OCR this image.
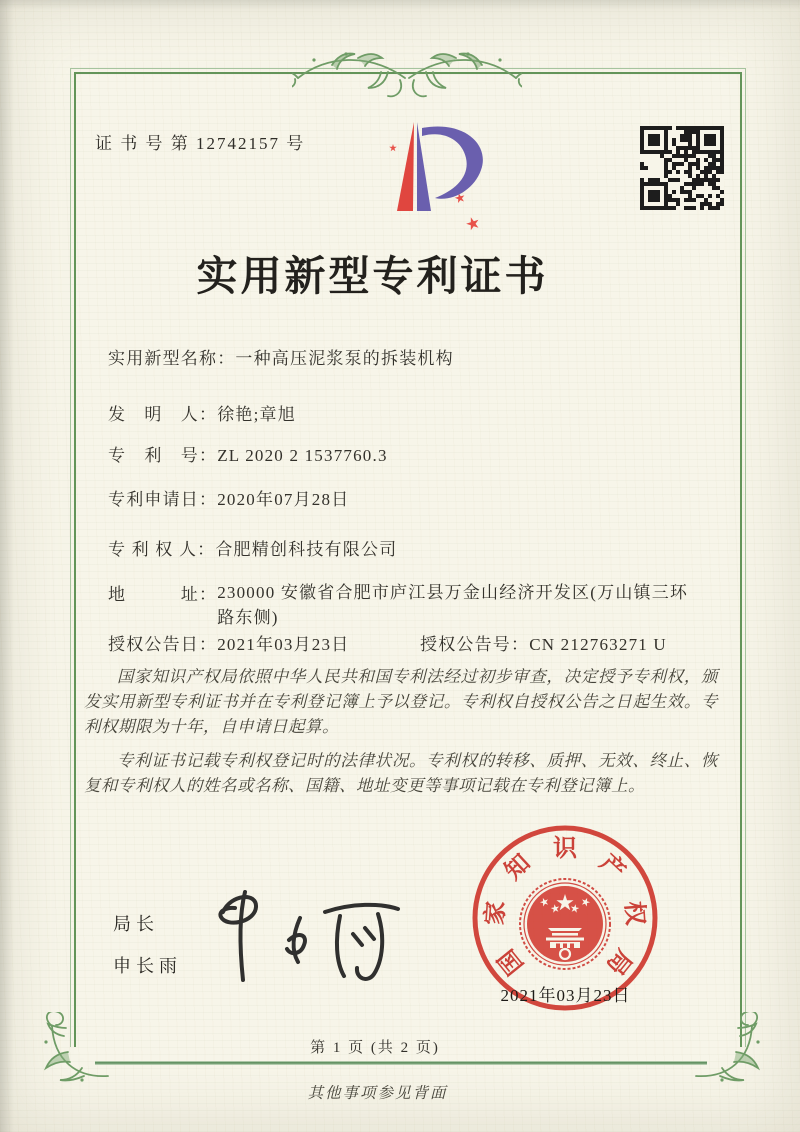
证 书 号 第 12742157 号
实用新型专利证书
实用新型名称：一种高压泥浆泵的拆装机构
发　明　人：徐艳;章旭
专　利　号：ZL 2020 2 1537760.3
专利申请日：2020年07月28日
专 利 权 人：合肥精创科技有限公司
地　　　址： 230000 安徽省合肥市庐江县万金山经济开发区(万山镇三环路东侧)
授权公告日：2021年03月23日	授权公告号：CN 212763271 U

国家知识产权局依照中华人民共和国专利法经过初步审查，决定授予专利权，颁发实用新型专利证书并在专利登记簿上予以登记。专利权自授权公告之日起生效。专利权期限为十年，自申请日起算。

专利证书记载专利权登记时的法律状况。专利权的转移、质押、无效、终止、恢复和专利权人的姓名或名称、国籍、地址变更等事项记载在专利登记簿上。

局长
申长雨	国
家
知
识
产
权
局
2021年03月23日
第 1 页 (共 2 页)
其他事项参见背面
